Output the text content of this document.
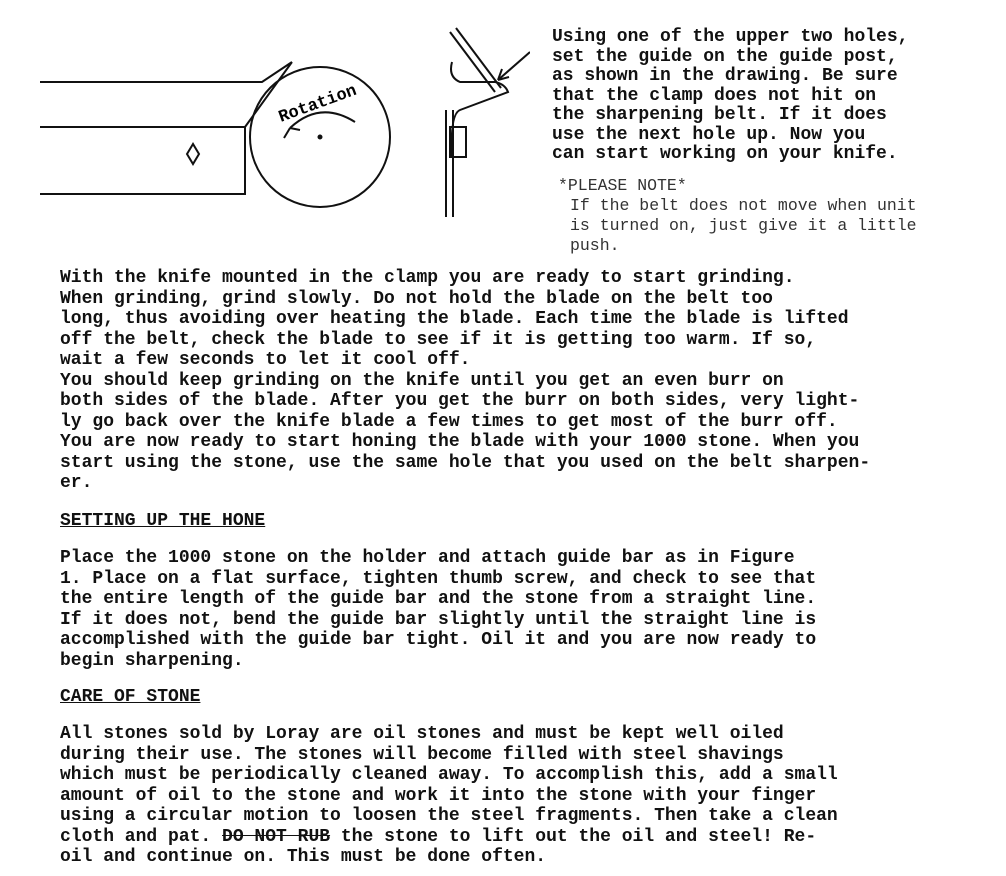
Rotation
Using one of the upper two holes,
set the guide on the guide post,
as shown in the drawing. Be sure
that the clamp does not hit on
the sharpening belt. If it does
use the next hole up. Now you
can start working on your knife.
*PLEASE NOTE*
If the belt does not move when unit
is turned on, just give it a little
push.
With the knife mounted in the clamp you are ready to start grinding.
When grinding, grind slowly. Do not hold the blade on the belt too
long, thus avoiding over heating the blade. Each time the blade is lifted
off the belt, check the blade to see if it is getting too warm. If so,
wait a few seconds to let it cool off.
You should keep grinding on the knife until you get an even burr on
both sides of the blade. After you get the burr on both sides, very light-
ly go back over the knife blade a few times to get most of the burr off.
You are now ready to start honing the blade with your 1000 stone. When you
start using the stone, use the same hole that you used on the belt sharpen-
er.
SETTING UP THE HONE
Place the 1000 stone on the holder and attach guide bar as in Figure
1. Place on a flat surface, tighten thumb screw, and check to see that
the entire length of the guide bar and the stone from a straight line.
If it does not, bend the guide bar slightly until the straight line is
accomplished with the guide bar tight. Oil it and you are now ready to
begin sharpening.
CARE OF STONE
All stones sold by Loray are oil stones and must be kept well oiled
during their use. The stones will become filled with steel shavings
which must be periodically cleaned away. To accomplish this, add a small
amount of oil to the stone and work it into the stone with your finger
using a circular motion to loosen the steel fragments. Then take a clean
cloth and pat. DO NOT RUB the stone to lift out the oil and steel! Re-
oil and continue on. This must be done often.
